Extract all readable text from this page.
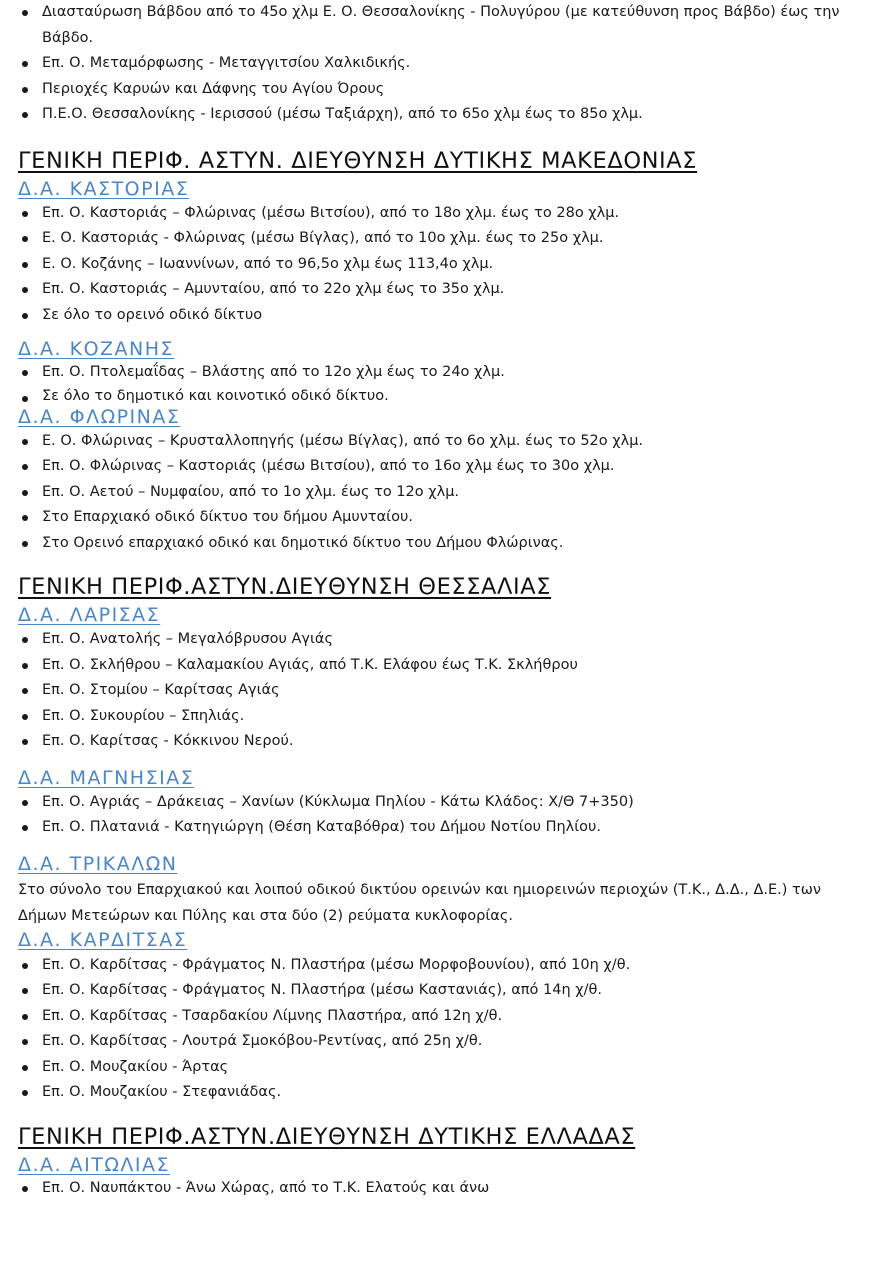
Διασταύρωση Βάβδου από το 45ο χλμ Ε. Ο. Θεσσαλονίκης - Πολυγύρου (με κατεύθυνση προς Βάβδο) έως την Βάβδο.
Επ. Ο. Μεταμόρφωσης - Μεταγγιτσίου Χαλκιδικής.
Περιοχές Καρυών και Δάφνης του Αγίου Όρους
Π.Ε.Ο. Θεσσαλονίκης - Ιερισσού (μέσω Ταξιάρχη), από το 65ο χλμ έως το 85ο χλμ.
ΓΕΝΙΚΗ ΠΕΡΙΦ. ΑΣΤΥΝ. ΔΙΕΥΘΥΝΣΗ ΔΥΤΙΚΗΣ ΜΑΚΕΔΟΝΙΑΣ
Δ.Α. ΚΑΣΤΟΡΙΑΣ
Επ. Ο. Καστοριάς – Φλώρινας (μέσω Βιτσίου), από το 18ο χλμ. έως το 28ο χλμ.
Ε. Ο. Καστοριάς - Φλώρινας (μέσω Βίγλας), από το 10ο χλμ. έως το 25ο χλμ.
Ε. Ο. Κοζάνης – Ιωαννίνων, από το 96,5ο χλμ έως 113,4ο χλμ.
Επ. Ο. Καστοριάς – Αμυνταίου, από το 22ο χλμ έως το 35ο χλμ.
Σε όλο το ορεινό οδικό δίκτυο
Δ.Α. ΚΟΖΑΝΗΣ
Επ. Ο. Πτολεμαΐδας – Βλάστης από το 12ο χλμ έως το 24ο χλμ.
Σε όλο το δημοτικό και κοινοτικό οδικό δίκτυο.
Δ.Α. ΦΛΩΡΙΝΑΣ
Ε. Ο. Φλώρινας – Κρυσταλλοπηγής (μέσω Βίγλας), από το 6ο χλμ. έως το 52ο χλμ.
Επ. Ο. Φλώρινας – Καστοριάς (μέσω Βιτσίου), από το 16ο χλμ έως το 30ο χλμ.
Επ. Ο. Αετού – Νυμφαίου, από το 1ο χλμ. έως το 12ο χλμ.
Στο Επαρχιακό οδικό δίκτυο του δήμου Αμυνταίου.
Στο Ορεινό επαρχιακό οδικό και δημοτικό δίκτυο του Δήμου Φλώρινας.
ΓΕΝΙΚΗ ΠΕΡΙΦ.ΑΣΤΥΝ.ΔΙΕΥΘΥΝΣΗ ΘΕΣΣΑΛΙΑΣ
Δ.Α. ΛΑΡΙΣΑΣ
Επ. Ο. Ανατολής – Μεγαλόβρυσου Αγιάς
Επ. Ο. Σκλήθρου – Καλαμακίου Αγιάς, από Τ.Κ. Ελάφου έως Τ.Κ. Σκλήθρου
Επ. Ο. Στομίου – Καρίτσας Αγιάς
Επ. Ο. Συκουρίου – Σπηλιάς.
Επ. Ο. Καρίτσας - Κόκκινου Νερού.
Δ.Α. ΜΑΓΝΗΣΙΑΣ
Επ. Ο. Αγριάς – Δράκειας – Χανίων (Κύκλωμα Πηλίου - Κάτω Κλάδος: Χ/Θ 7+350)
Επ. Ο. Πλατανιά - Κατηγιώργη (Θέση Καταβόθρα) του Δήμου Νοτίου Πηλίου.
Δ.Α. ΤΡΙΚΑΛΩΝ
Στο σύνολο του Επαρχιακού και λοιπού οδικού δικτύου ορεινών και ημιορεινών περιοχών (Τ.Κ., Δ.Δ., Δ.Ε.) των Δήμων Μετεώρων και Πύλης και στα δύο (2) ρεύματα κυκλοφορίας.
Δ.Α. ΚΑΡΔΙΤΣΑΣ
Επ. Ο. Καρδίτσας - Φράγματος Ν. Πλαστήρα (μέσω Μορφοβουνίου), από 10η χ/θ.
Επ. Ο. Καρδίτσας - Φράγματος Ν. Πλαστήρα (μέσω Καστανιάς), από 14η χ/θ.
Επ. Ο. Καρδίτσας - Τσαρδακίου Λίμνης Πλαστήρα, από 12η χ/θ.
Επ. Ο. Καρδίτσας - Λουτρά Σμοκόβου-Ρεντίνας, από 25η χ/θ.
Επ. Ο. Μουζακίου - Άρτας
Επ. Ο. Μουζακίου - Στεφανιάδας.
ΓΕΝΙΚΗ ΠΕΡΙΦ.ΑΣΤΥΝ.ΔΙΕΥΘΥΝΣΗ ΔΥΤΙΚΗΣ ΕΛΛΑΔΑΣ
Δ.Α. ΑΙΤΩΛΙΑΣ
Επ. Ο. Ναυπάκτου - Άνω Χώρας, από το Τ.Κ. Ελατούς και άνω
